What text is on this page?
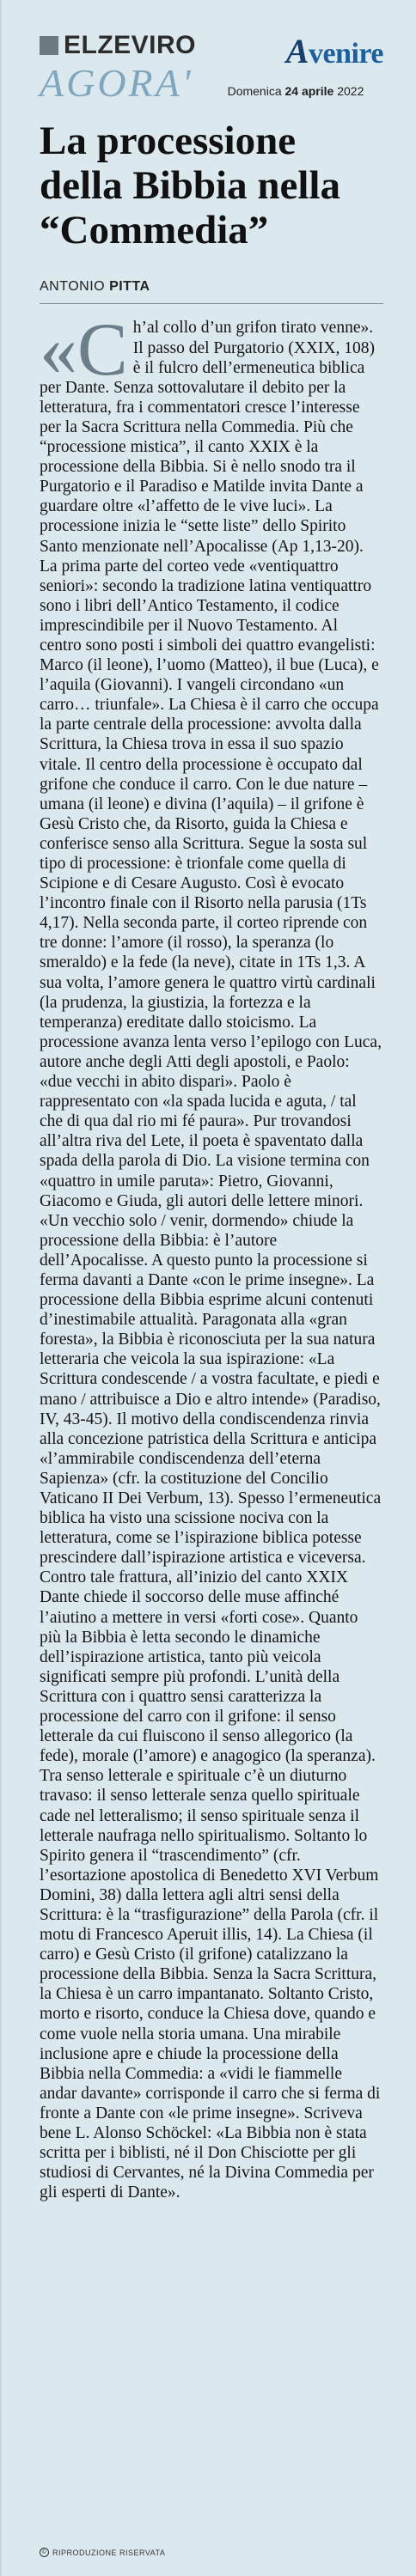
ELZEVIRO	Avenire
AGORA'	Domenica 24 aprile 2022
La processione della Bibbia nella “Commedia”
ANTONIO PITTA
«C h’al collo d’un grifon tirato venne». Il passo del Purgatorio (XXIX, 108) è il fulcro dell’ermeneutica biblica per Dante. Senza sottovalutare il debito per la letteratura, fra i commentatori cresce l’interesse per la Sacra Scrittura nella Commedia. Più che “processione mistica”, il canto XXIX è la processione della Bibbia. Si è nello snodo tra il Purgatorio e il Paradiso e Matilde invita Dante a guardare oltre «l’affetto de le vive luci». La processione inizia le “sette liste” dello Spirito Santo menzionate nell’Apocalisse (Ap 1,13-20). La prima parte del corteo vede «ventiquattro seniori»: secondo la tradizione latina ventiquattro sono i libri dell’Antico Testamento, il codice imprescindibile per il Nuovo Testamento. Al centro sono posti i simboli dei quattro evangelisti: Marco (il leone), l’uomo (Matteo), il bue (Luca), e l’aquila (Giovanni). I vangeli circondano «un carro… triunfale». La Chiesa è il carro che occupa la parte centrale della processione: avvolta dalla Scrittura, la Chiesa trova in essa il suo spazio vitale. Il centro della processione è occupato dal grifone che conduce il carro. Con le due nature – umana (il leone) e divina (l’aquila) – il grifone è Gesù Cristo che, da Risorto, guida la Chiesa e conferisce senso alla Scrittura. Segue la sosta sul tipo di processione: è trionfale come quella di Scipione e di Cesare Augusto. Così è evocato l’incontro finale con il Risorto nella parusia (1Ts 4,17). Nella seconda parte, il corteo riprende con tre donne: l’amore (il rosso), la speranza (lo smeraldo) e la fede (la neve), citate in 1Ts 1,3. A sua volta, l’amore genera le quattro virtù cardinali (la prudenza, la giustizia, la fortezza e la temperanza) ereditate dallo stoicismo. La processione avanza lenta verso l’epilogo con Luca, autore anche degli Atti degli apostoli, e Paolo: «due vecchi in abito dispari». Paolo è rappresentato con «la spada lucida e aguta, / tal che di qua dal rio mi fé paura». Pur trovandosi all’altra riva del Lete, il poeta è spaventato dalla spada della parola di Dio. La visione termina con «quattro in umile paruta»: Pietro, Giovanni, Giacomo e Giuda, gli autori delle lettere minori. «Un vecchio solo / venir, dormendo» chiude la processione della Bibbia: è l’autore dell’Apocalisse. A questo punto la processione si ferma davanti a Dante «con le prime insegne». La processione della Bibbia esprime alcuni contenuti d’inestimabile attualità. Paragonata alla «gran foresta», la Bibbia è riconosciuta per la sua natura letteraria che veicola la sua ispirazione: «La Scrittura condescende / a vostra facultate, e piedi e mano / attribuisce a Dio e altro intende» (Paradiso, IV, 43-45). Il motivo della condiscendenza rinvia alla concezione patristica della Scrittura e anticipa «l’ammirabile condiscendenza dell’eterna Sapienza» (cfr. la costituzione del Concilio Vaticano II Dei Verbum, 13). Spesso l’ermeneutica biblica ha visto una scissione nociva con la letteratura, come se l’ispirazione biblica potesse prescindere dall’ispirazione artistica e viceversa. Contro tale frattura, all’inizio del canto XXIX Dante chiede il soccorso delle muse affinché l’aiutino a mettere in versi «forti cose». Quanto più la Bibbia è letta secondo le dinamiche dell’ispirazione artistica, tanto più veicola significati sempre più profondi. L’unità della Scrittura con i quattro sensi caratterizza la processione del carro con il grifone: il senso letterale da cui fluiscono il senso allegorico (la fede), morale (l’amore) e anagogico (la speranza). Tra senso letterale e spirituale c’è un diuturno travaso: il senso letterale senza quello spirituale cade nel letteralismo; il senso spirituale senza il letterale naufraga nello spiritualismo. Soltanto lo Spirito genera il “trascendimento” (cfr. l’esortazione apostolica di Benedetto XVI Verbum Domini, 38) dalla lettera agli altri sensi della Scrittura: è la “trasfigurazione” della Parola (cfr. il motu di Francesco Aperuit illis, 14). La Chiesa (il carro) e Gesù Cristo (il grifone) catalizzano la processione della Bibbia. Senza la Sacra Scrittura, la Chiesa è un carro impantanato. Soltanto Cristo, morto e risorto, conduce la Chiesa dove, quando e come vuole nella storia umana. Una mirabile inclusione apre e chiude la processione della Bibbia nella Commedia: a «vidi le fiammelle andar davante» corrisponde il carro che si ferma di fronte a Dante con «le prime insegne». Scriveva bene L. Alonso Schöckel: «La Bibbia non è stata scritta per i biblisti, né il Don Chisciotte per gli studiosi di Cervantes, né la Divina Commedia per gli esperti di Dante».

© RIPRODUZIONE RISERVATA
